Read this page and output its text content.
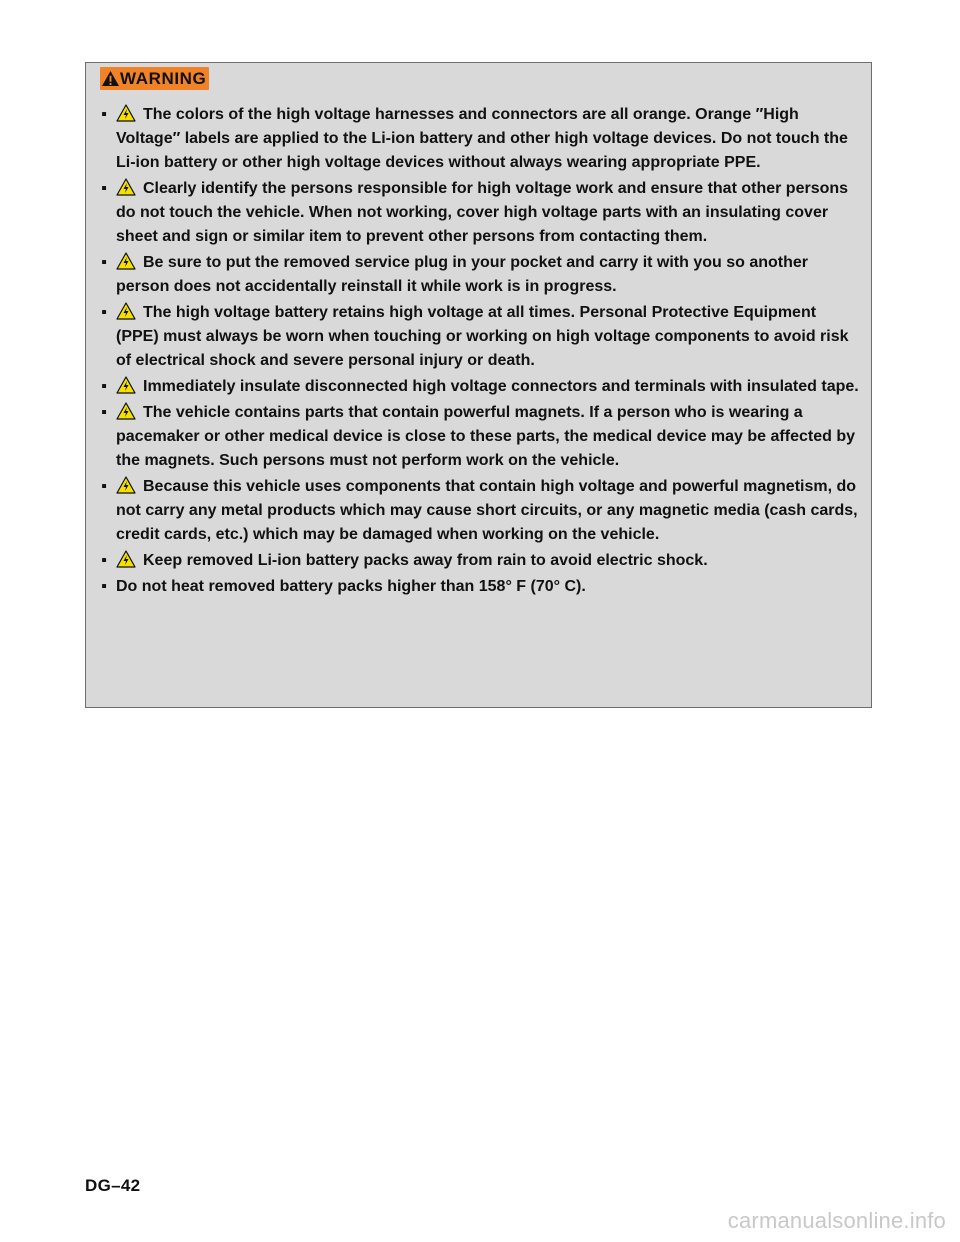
WARNING
▪ The colors of the high voltage harnesses and connectors are all orange. Orange ″High Voltage″ labels are applied to the Li-ion battery and other high voltage devices. Do not touch the Li-ion battery or other high voltage devices without always wearing appropriate PPE.
▪ Clearly identify the persons responsible for high voltage work and ensure that other persons do not touch the vehicle. When not working, cover high voltage parts with an insulating cover sheet and sign or similar item to prevent other persons from contacting them.
▪ Be sure to put the removed service plug in your pocket and carry it with you so another person does not accidentally reinstall it while work is in progress.
▪ The high voltage battery retains high voltage at all times. Personal Protective Equipment (PPE) must always be worn when touching or working on high voltage components to avoid risk of electrical shock and severe personal injury or death.
▪ Immediately insulate disconnected high voltage connectors and terminals with insulated tape.
▪ The vehicle contains parts that contain powerful magnets. If a person who is wearing a pacemaker or other medical device is close to these parts, the medical device may be affected by the magnets. Such persons must not perform work on the vehicle.
▪ Because this vehicle uses components that contain high voltage and powerful magnetism, do not carry any metal products which may cause short circuits, or any magnetic media (cash cards, credit cards, etc.) which may be damaged when working on the vehicle.
▪ Keep removed Li-ion battery packs away from rain to avoid electric shock.
▪ Do not heat removed battery packs higher than 158° F (70° C).
DG–42
carmanualsonline.info
